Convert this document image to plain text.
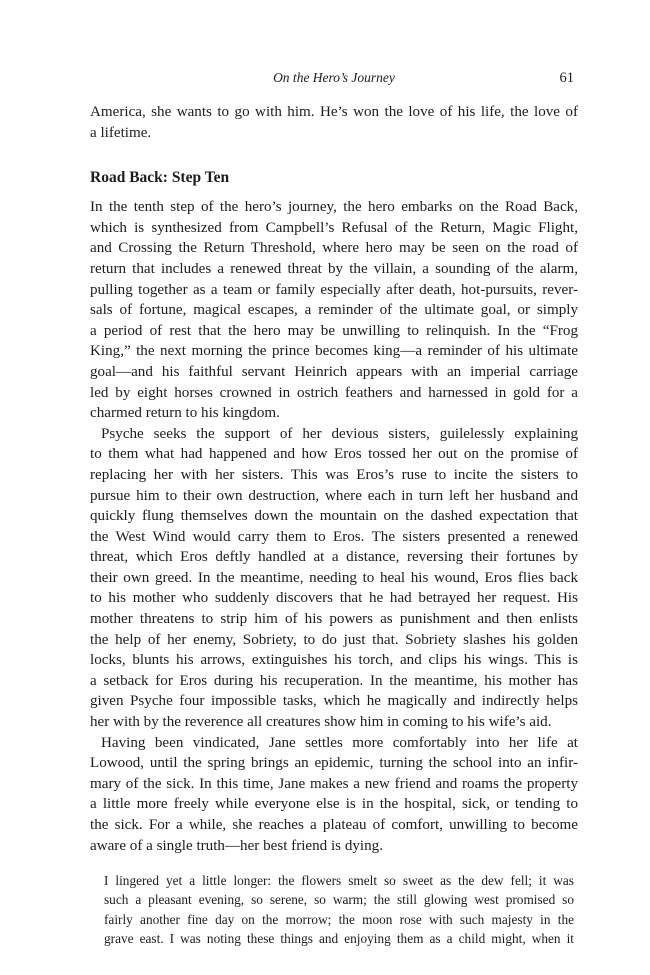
On the Hero’s Journey	61

America, she wants to go with him. He’s won the love of his life, the love of
a lifetime.

Road Back: Step Ten

In the tenth step of the hero’s journey, the hero embarks on the Road Back,
which is synthesized from Campbell’s Refusal of the Return, Magic Flight,
and Crossing the Return Threshold, where hero may be seen on the road of
return that includes a renewed threat by the villain, a sounding of the alarm,
pulling together as a team or family especially after death, hot-pursuits, rever-
sals of fortune, magical escapes, a reminder of the ultimate goal, or simply
a period of rest that the hero may be unwilling to relinquish. In the “Frog
King,” the next morning the prince becomes king—a reminder of his ultimate
goal—and his faithful servant Heinrich appears with an imperial carriage
led by eight horses crowned in ostrich feathers and harnessed in gold for a
charmed return to his kingdom.

Psyche seeks the support of her devious sisters, guilelessly explaining
to them what had happened and how Eros tossed her out on the promise of
replacing her with her sisters. This was Eros’s ruse to incite the sisters to
pursue him to their own destruction, where each in turn left her husband and
quickly flung themselves down the mountain on the dashed expectation that
the West Wind would carry them to Eros. The sisters presented a renewed
threat, which Eros deftly handled at a distance, reversing their fortunes by
their own greed. In the meantime, needing to heal his wound, Eros flies back
to his mother who suddenly discovers that he had betrayed her request. His
mother threatens to strip him of his powers as punishment and then enlists
the help of her enemy, Sobriety, to do just that. Sobriety slashes his golden
locks, blunts his arrows, extinguishes his torch, and clips his wings. This is
a setback for Eros during his recuperation. In the meantime, his mother has
given Psyche four impossible tasks, which he magically and indirectly helps
her with by the reverence all creatures show him in coming to his wife’s aid.

Having been vindicated, Jane settles more comfortably into her life at
Lowood, until the spring brings an epidemic, turning the school into an infir-
mary of the sick. In this time, Jane makes a new friend and roams the property
a little more freely while everyone else is in the hospital, sick, or tending to
the sick. For a while, she reaches a plateau of comfort, unwilling to become
aware of a single truth—her best friend is dying.

I lingered yet a little longer: the flowers smelt so sweet as the dew fell; it was
such a pleasant evening, so serene, so warm; the still glowing west promised so
fairly another fine day on the morrow; the moon rose with such majesty in the
grave east. I was noting these things and enjoying them as a child might, when it
